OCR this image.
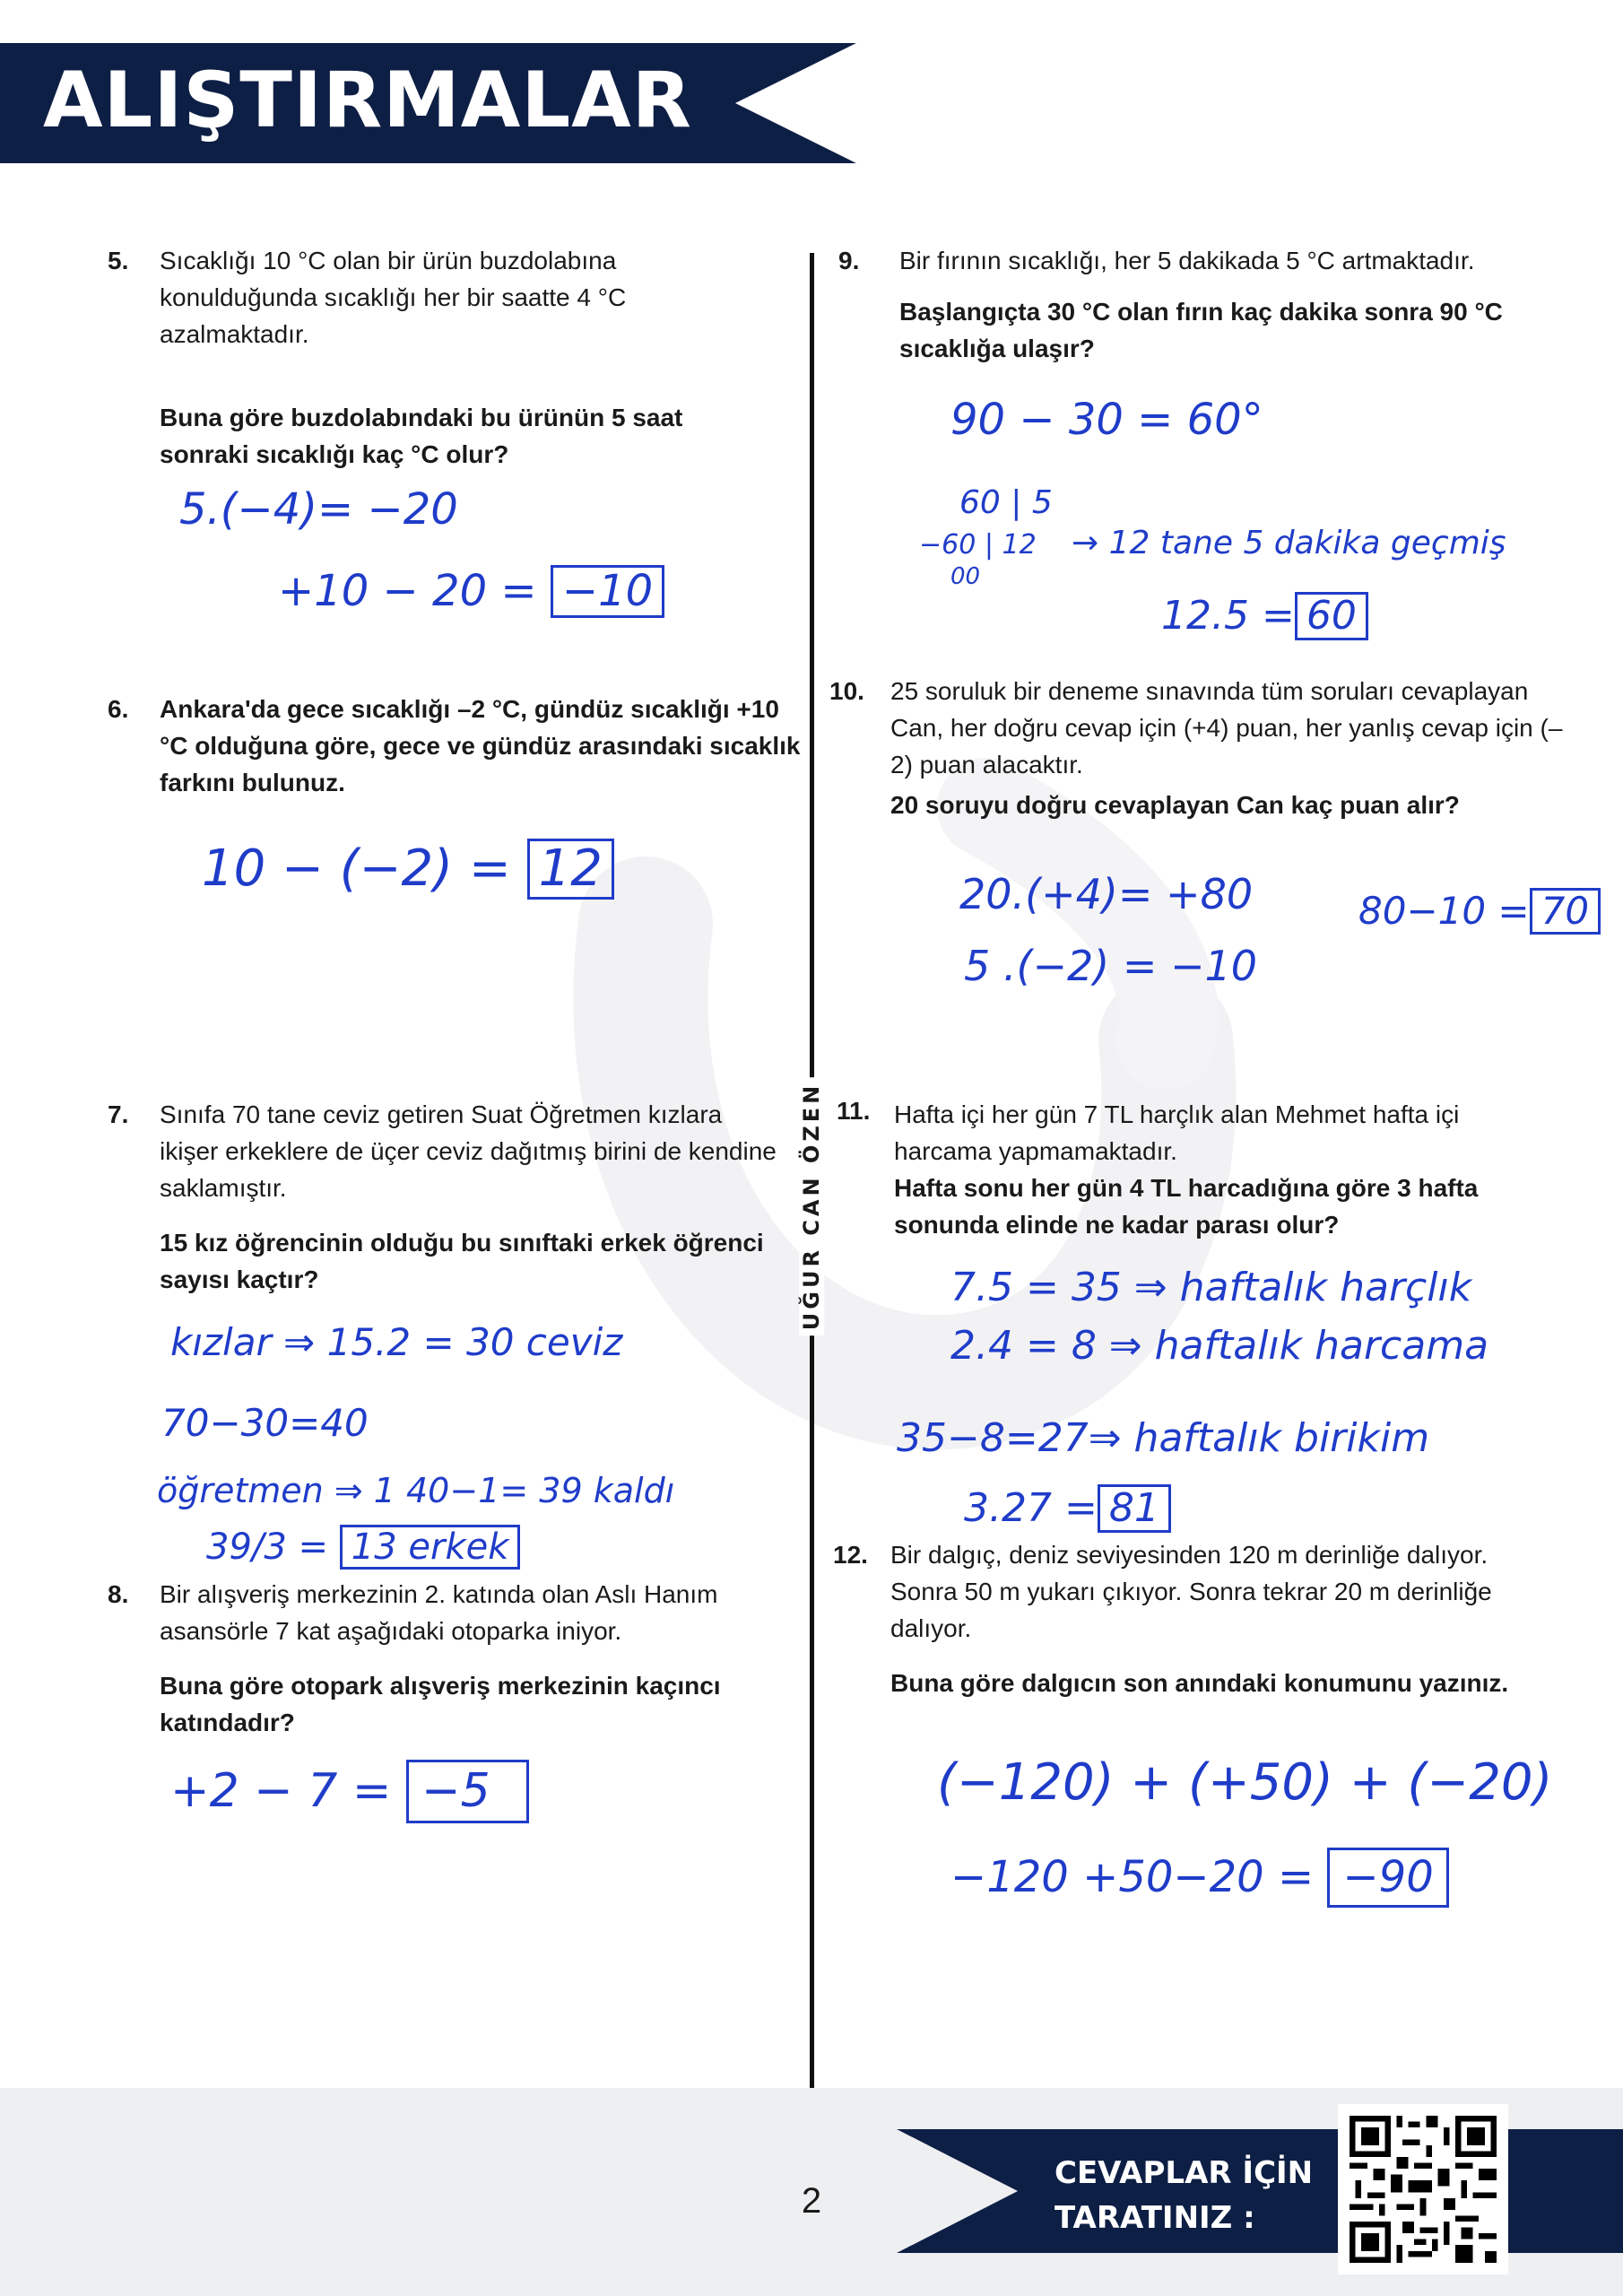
ALIŞTIRMALAR
UĞUR CAN ÖZEN
5. Sıcaklığı 10 °C olan bir ürün buzdolabına konulduğunda sıcaklığı her bir saatte 4 °C azalmaktadır.

Buna göre buzdolabındaki bu ürünün 5 saat sonraki sıcaklığı kaç °C olur?

5.(−4)= −20
+10 − 20 = −10
6. Ankara'da gece sıcaklığı –2 °C, gündüz sıcaklığı +10 °C olduğuna göre, gece ve gündüz arasındaki sıcaklık farkını bulunuz.

10 − (−2) = 12
7. Sınıfa 70 tane ceviz getiren Suat Öğretmen kızlara ikişer erkeklere de üçer ceviz dağıtmış birini de kendine saklamıştır.

15 kız öğrencinin olduğu bu sınıftaki erkek öğrenci sayısı kaçtır?

kızlar ⇒ 15.2 = 30 ceviz
70−30=40
öğretmen ⇒ 1 40−1= 39 kaldı
39/3 = 13 erkek
8. Bir alışveriş merkezinin 2. katında olan Aslı Hanım asansörle 7 kat aşağıdaki otoparka iniyor.

Buna göre otopark alışveriş merkezinin kaçıncı katındadır?

+2 − 7 = −5
9. Bir fırının sıcaklığı, her 5 dakikada 5 °C artmaktadır.

Başlangıçta 30 °C olan fırın kaç dakika sonra 90 °C sıcaklığa ulaşır?

90 − 30 = 60°
60 | 5
−60 | 12
00
→ 12 tane 5 dakika geçmiş
12.5 = 60
10. 25 soruluk bir deneme sınavında tüm soruları cevaplayan Can, her doğru cevap için (+4) puan, her yanlış cevap için (–2) puan alacaktır.

20 soruyu doğru cevaplayan Can kaç puan alır?

20.(+4)= +80
5 .(−2) = −10
80−10 = 70
11. Hafta içi her gün 7 TL harçlık alan Mehmet hafta içi harcama yapmamaktadır.

Hafta sonu her gün 4 TL harcadığına göre 3 hafta sonunda elinde ne kadar parası olur?

7.5 = 35 ⇒ haftalık harçlık
2.4 = 8 ⇒ haftalık harcama
35−8=27⇒ haftalık birikim
3.27 = 81
12. Bir dalgıç, deniz seviyesinden 120 m derinliğe dalıyor. Sonra 50 m yukarı çıkıyor. Sonra tekrar 20 m derinliğe dalıyor.

Buna göre dalgıcın son anındaki konumunu yazınız.

(−120) + (+50) + (−20)
−120 +50−20 = −90
2
CEVAPLAR İÇİN
TARATINIZ :
